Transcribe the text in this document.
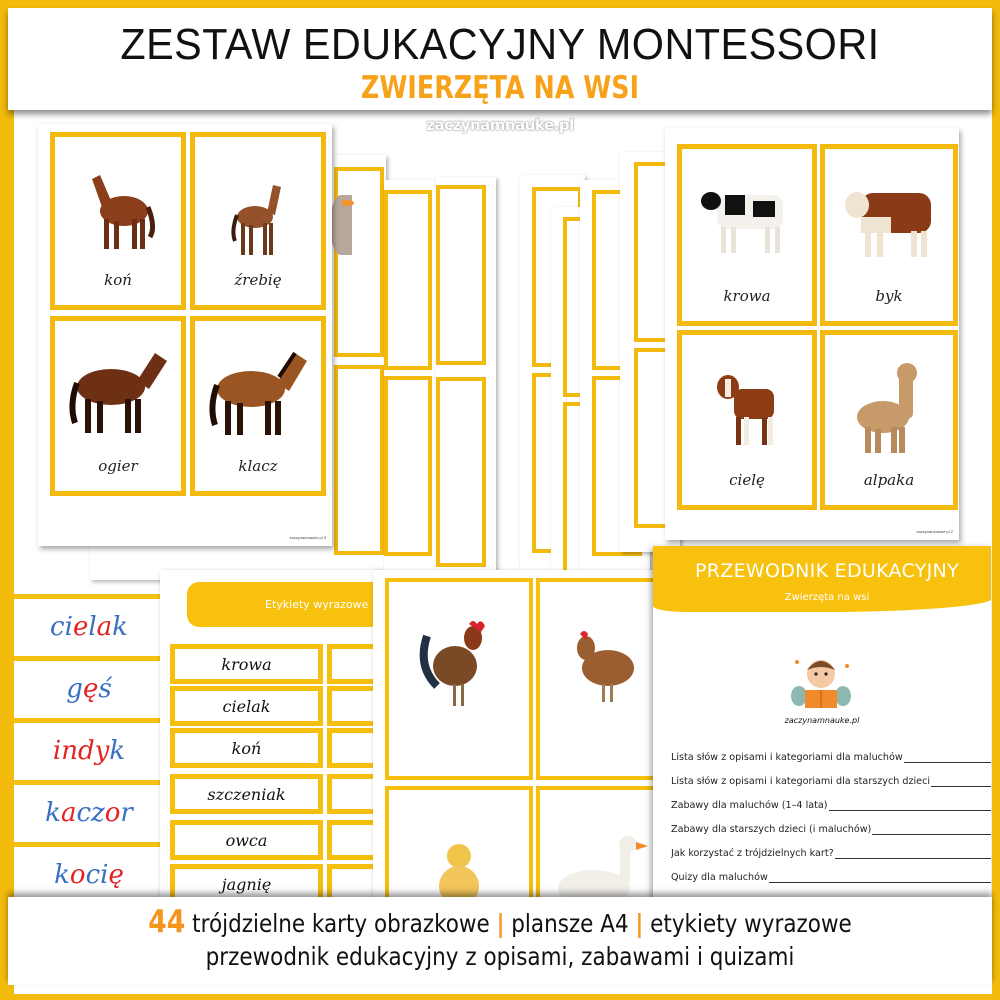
ZESTAW EDUKACYJNY MONTESSORI
ZWIERZĘTA NA WSI
zaczynamnauke.pl
koń	źrebię
ogier	klacz
zaczynamnauke.pl 3
krowa	byk
cielę	alpaka
zaczynamnauke.pl 2
ci e l a k
g ę ś
ind y k
k a cz o r
k o ci ę
Etykiety wyrazowe
krowa
cielak
koń
szczeniak
owca
jagnię
PRZEWODNIK EDUKACYJNY
Zwierzęta na wsi
zaczynamnauke.pl
Lista słów z opisami i kategoriami dla maluchów
Lista słów z opisami i kategoriami dla starszych dzieci
Zabawy dla maluchów (1–4 lata)
Zabawy dla starszych dzieci (i maluchów)
Jak korzystać z trójdzielnych kart?
Quizy dla maluchów
44 trójdzielne karty obrazkowe | plansze A4 | etykiety wyrazowe
przewodnik edukacyjny z opisami, zabawami i quizami
